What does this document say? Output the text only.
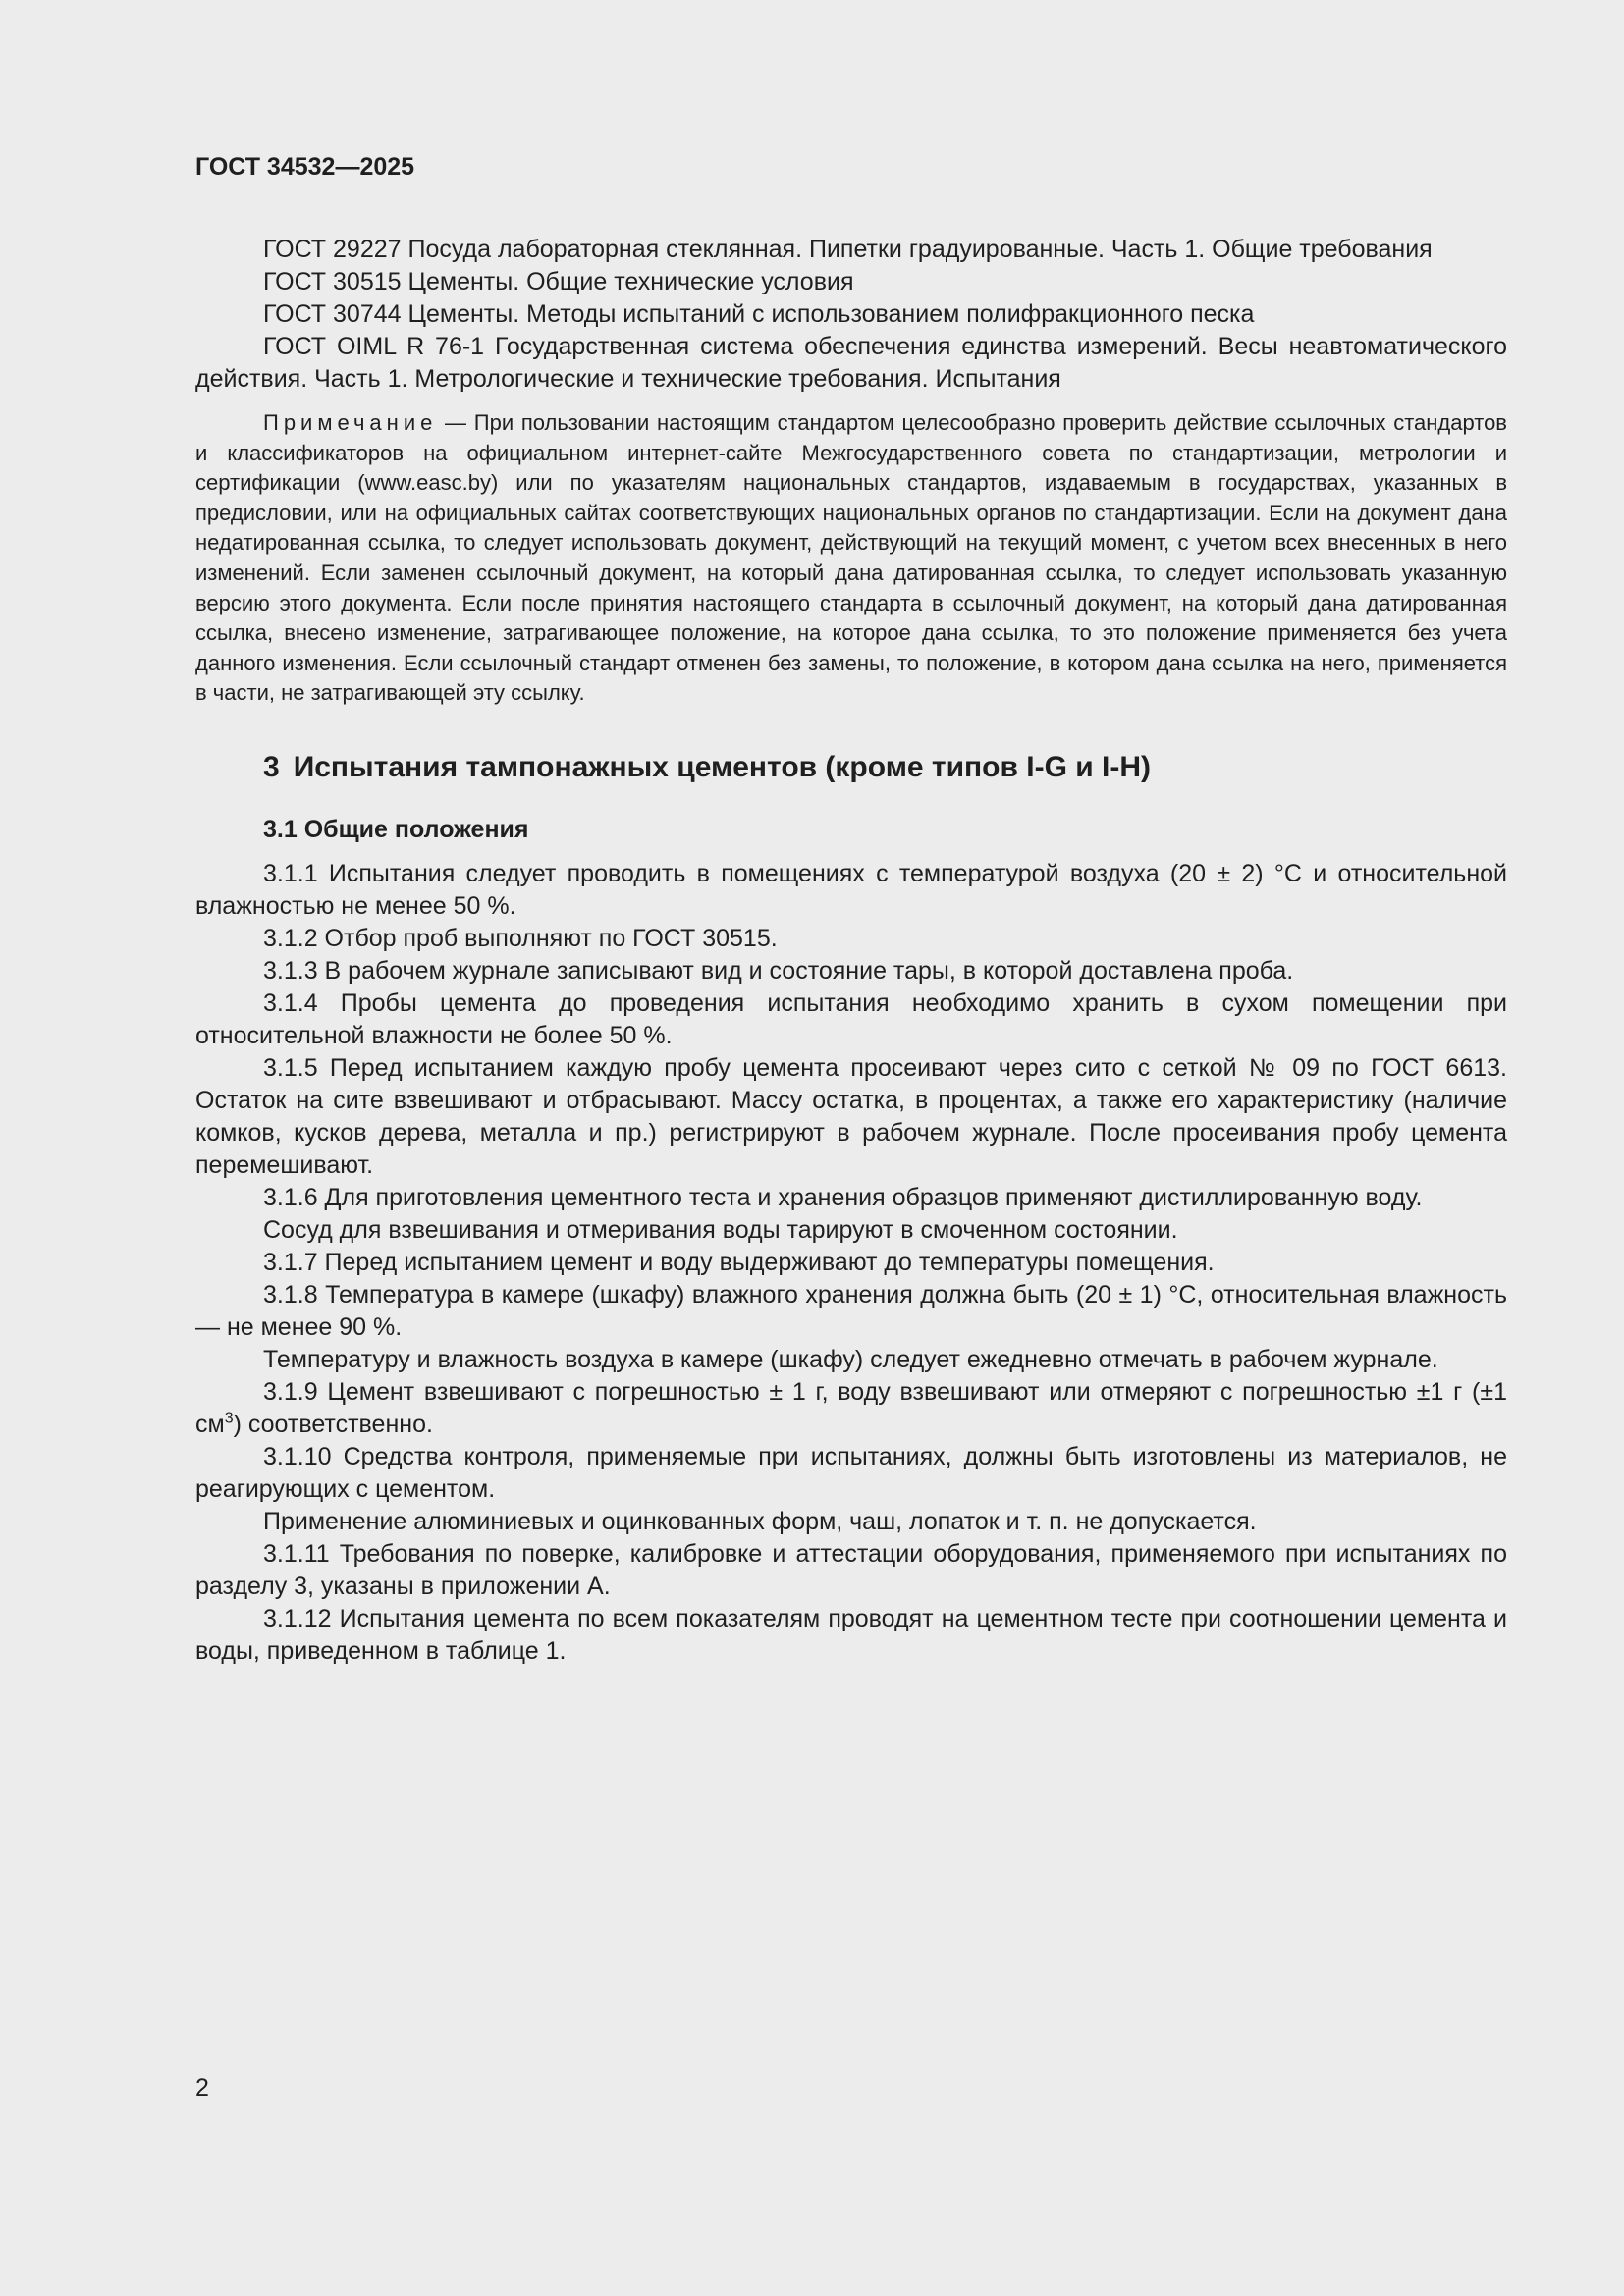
ГОСТ 34532—2025

ГОСТ 29227 Посуда лабораторная стеклянная. Пипетки градуированные. Часть 1. Общие требования

ГОСТ 30515 Цементы. Общие технические условия

ГОСТ 30744 Цементы. Методы испытаний с использованием полифракционного песка

ГОСТ OIML R 76-1 Государственная система обеспечения единства измерений. Весы неавтоматического действия. Часть 1. Метрологические и технические требования. Испытания

Примечание — При пользовании настоящим стандартом целесообразно проверить действие ссылочных стандартов и классификаторов на официальном интернет-сайте Межгосударственного совета по стандартизации, метрологии и сертификации (www.easc.by) или по указателям национальных стандартов, издаваемым в государствах, указанных в предисловии, или на официальных сайтах соответствующих национальных органов по стандартизации. Если на документ дана недатированная ссылка, то следует использовать документ, действующий на текущий момент, с учетом всех внесенных в него изменений. Если заменен ссылочный документ, на который дана датированная ссылка, то следует использовать указанную версию этого документа. Если после принятия настоящего стандарта в ссылочный документ, на который дана датированная ссылка, внесено изменение, затрагивающее положение, на которое дана ссылка, то это положение применяется без учета данного изменения. Если ссылочный стандарт отменен без замены, то положение, в котором дана ссылка на него, применяется в части, не затрагивающей эту ссылку.

3 Испытания тампонажных цементов (кроме типов I-G и I-H)
3.1 Общие положения

3.1.1 Испытания следует проводить в помещениях с температурой воздуха (20 ± 2) °С и относительной влажностью не менее 50 %.

3.1.2 Отбор проб выполняют по ГОСТ 30515.

3.1.3 В рабочем журнале записывают вид и состояние тары, в которой доставлена проба.

3.1.4 Пробы цемента до проведения испытания необходимо хранить в сухом помещении при относительной влажности не более 50 %.

3.1.5 Перед испытанием каждую пробу цемента просеивают через сито с сеткой № 09 по ГОСТ 6613. Остаток на сите взвешивают и отбрасывают. Массу остатка, в процентах, а также его характеристику (наличие комков, кусков дерева, металла и пр.) регистрируют в рабочем журнале. После просеивания пробу цемента перемешивают.

3.1.6 Для приготовления цементного теста и хранения образцов применяют дистиллированную воду.

Сосуд для взвешивания и отмеривания воды тарируют в смоченном состоянии.

3.1.7 Перед испытанием цемент и воду выдерживают до температуры помещения.

3.1.8 Температура в камере (шкафу) влажного хранения должна быть (20 ± 1) °С, относительная влажность — не менее 90 %.

Температуру и влажность воздуха в камере (шкафу) следует ежедневно отмечать в рабочем журнале.

3.1.9 Цемент взвешивают с погрешностью ± 1 г, воду взвешивают или отмеряют с погрешностью ±1 г (±1 $см^3$) соответственно.

3.1.10 Средства контроля, применяемые при испытаниях, должны быть изготовлены из материалов, не реагирующих с цементом.

Применение алюминиевых и оцинкованных форм, чаш, лопаток и т. п. не допускается.

3.1.11 Требования по поверке, калибровке и аттестации оборудования, применяемого при испытаниях по разделу 3, указаны в приложении А.

3.1.12 Испытания цемента по всем показателям проводят на цементном тесте при соотношении цемента и воды, приведенном в таблице 1.

2
